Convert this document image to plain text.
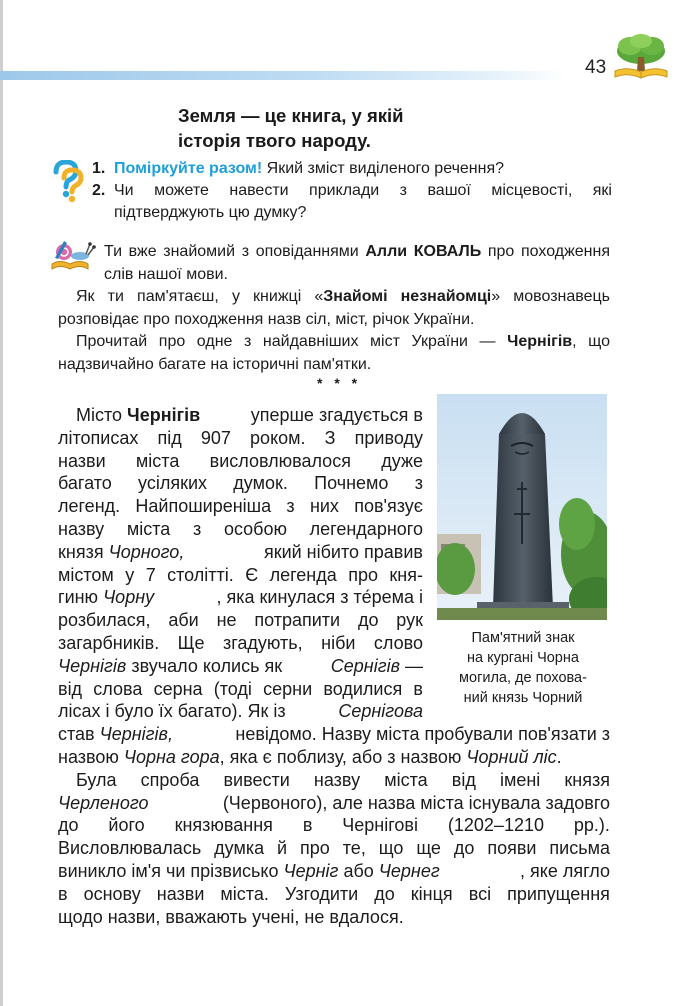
43
Земля — це книга, у якій
історія твого народу.
1. Поміркуйте разом! Який зміст виділеного речення?
2. Чи можете навести приклади з вашої місцевості, які
підтверджують цю думку?

Ти вже знайомий з оповіданнями Алли КОВАЛЬ про походження слів нашої мови.

Як ти пам'ятаєш, у книжці «Знайомі незнайомці» мовознавець розповідає про походження назв сіл, міст, річок України.

Прочитай про одне з найдавніших міст України — Чернігів, що надзвичайно багате на історичні пам'ятки.

* * *
Пам'ятний знак
на кургані Чорна
могила, де похова-
ний князь Чорний
Місто Чернігів	уперше згадується в
літописах під 907 роком. З приводу
назви міста висловлювалося дуже
багато усіляких думок. Почнемо з
легенд. Найпоширеніша з них пов'язує
назву міста з особою легендарного
князя Чорного,	який нібито правив
містом у 7 столітті. Є легенда про кня-
гиню Чорну	, яка кинулася з те́рема і
розбилася, аби не потрапити до рук
загарбників. Ще згадують, ніби слово
Чернігів звучало колись як	Сернігів —
від слова серна (тоді серни водилися в
лісах і було їх багато). Як із	Сернігова
став Чернігів,	невідомо. Назву міста пробували пов'язати з
назвою Чорна гора, яка є поблизу, або з назвою Чорний ліс.
Була спроба вивести назву міста від імені князя
Черленого	(Червоного), але назва міста існувала задовго
до його князювання в Чернігові (1202–1210 рр.).
Висловлювалась думка й про те, що ще до появи письма
виникло ім'я чи прізвисько Черніг або Чернег	, яке лягло
в основу назви міста. Узгодити до кінця всі припущення
щодо назви, вважають учені, не вдалося.
